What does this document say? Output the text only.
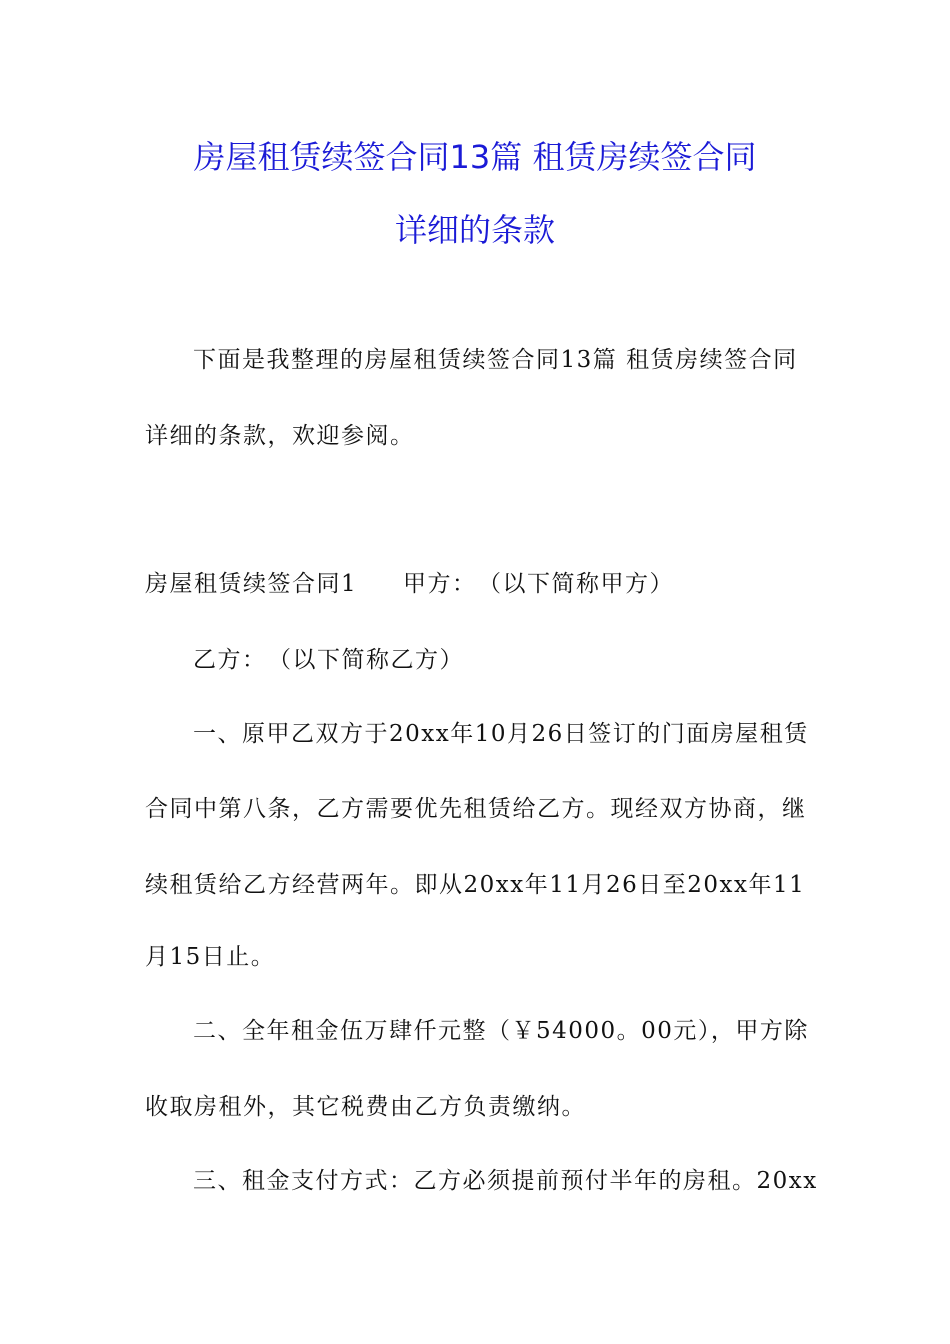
房屋租赁续签合同13篇 租赁房续签合同
详细的条款
下面是我整理的房屋租赁续签合同13篇 租赁房续签合同
详细的条款，欢迎参阅。
房屋租赁续签合同1	甲方：　（以下简称甲方）
乙方：　（以下简称乙方）
一、原甲乙双方于20xx年10月26日签订的门面房屋租赁
合同中第八条，乙方需要优先租赁给乙方。现经双方协商，继
续租赁给乙方经营两年。即从20xx年11月26日至20xx年11
月15日止。
二、全年租金伍万肆仟元整（￥54000。00元），甲方除
收取房租外，其它税费由乙方负责缴纳。
三、租金支付方式：乙方必须提前预付半年的房租。20xx
